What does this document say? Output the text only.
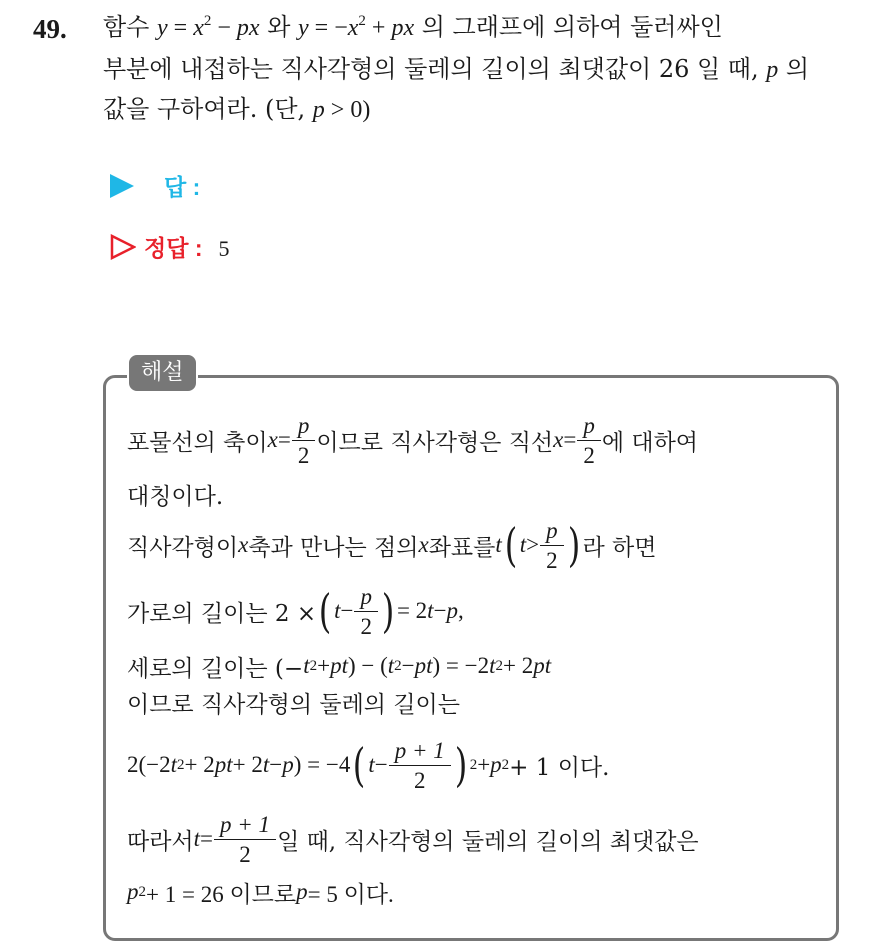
49. 함수 $y = x^2$ − px 와 $y = -x^2$ + px 의 그래프에 의하여 둘러싸인
부분에 내접하는 직사각형의 둘레의 길이의 최댓값이 26 일 때, p 의
값을 구하여라. (단, p > 0)
답 :
정답 : 5
해설
포물선의 축이 $x = \frac{p}{2}$ 이므로 직사각형은 직선 $x = \frac{p}{2}$ 에 대하여
대칭이다.
직사각형이 x 축과 만나는 점의 x 좌표를 t ( $t > \frac{p}{2}$ ) 라 하면
가로의 길이는 2 × ( $t - \frac{p}{2}$ ) = 2 t − p ,
세로의 길이는 (− t 2 + pt ) − ( t 2 − pt ) = −2 t 2 + 2 pt
이므로 직사각형의 둘레의 길이는
2(−2 t 2 + 2 pt + 2 t − p ) = −4 ( $t - \frac{p + 1}{2}$ ) 2 + p 2 + 1 이다.
따라서 $t = \frac{p + 1}{2}$ 일 때, 직사각형의 둘레의 길이의 최댓값은
p 2 + 1 = 26 이므로 p = 5 이다.
